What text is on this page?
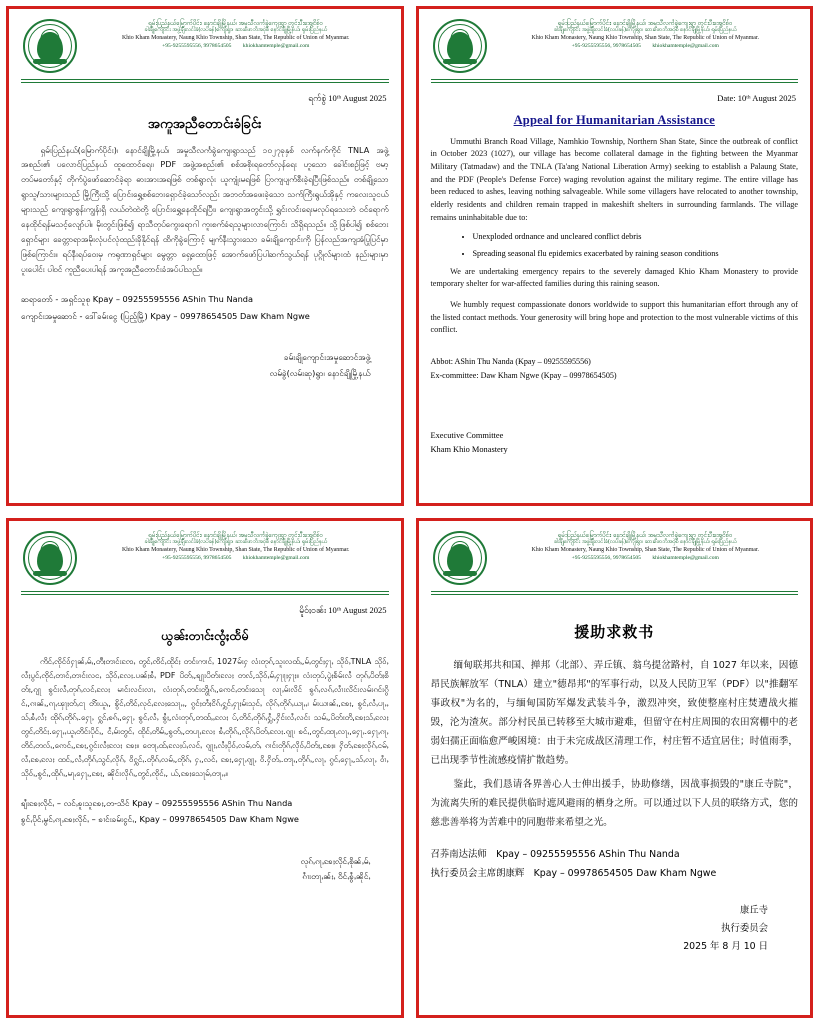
ရှမ်းပြည်နယ်မြောက်ပိုင်း၊ နောင်ချိုမြို့နယ်၊ အမှုသီလင်္ကခွဲကျေးရွာ တွင်းပီးအွေငိစ်ဝ
ခါးချိုကျောင်း အဖွဲ့ချီးလင်းခံ(လပ်ခန်)ကျေးရွာ၊ ဆားဖောဘိအဝှဲစ် နောင်ချိုမြို့နယ်၊ ရှမ်းပြည်နယ်
Khio Kham Monastery, Naung Khio Township, Shan State, The Republic of Union of Myanmar.
+95-9255595556, 9978654505 khiokhamtemple@gmail.com
ရက်စွဲ 10ᵗʰ August 2025
အကူအညီတောင်းခံခြင်း
ရှမ်းပြည်နယ်(မြောက်ပိုင်း)၊ နောင်ချိုမြို့နယ်၊ အမှုသီလင်္ကခွဲကျေးရွာသည် ၁၀၂၇ခုနှစ် လက်နက်ကိုင် TNLA အဖွဲ့အစည်း၏ ပလောင်ပြည်နယ် ထူထောင်ရေး၊ PDF အဖွဲ့အစည်း၏ စစ်အစိုးရတော်လှန်ရေး ဟူသော ခေါင်းစဉ်ဖြင့် ဗမာ့တပ်မတော်နှင့် တိုက်ပွဲဖော်ဆောင်ခဲ့ရာ ဓားအားအရဖြစ် တစ်ရွာလုံး ယူကျုံးမရဖြစ် ပြာကျပျက်စီးခဲ့ရပြီးဖြစ်သည်။ တစ်ချို့သောရွာသူ/သားများသည် မြို့ကြီးသို့ ပြောင်းရွှေ့စစ်ဘေးရှောင်ခဲ့သော်လည်း အဘတ်အဖေးခဲ့သော သက်ကြီးရွယ်အိုနှင့် ကလေးသူငယ်များသည် ကျေးရွာစွန်းကျွန်းရှိ လယ်တဲထဲတို့ ပြောင်းရွှေ့နေထိုင်ရပြီး၊ ကျေးရွာအတွင်းသို့ ရွှင်းလင်းရေးမလုပ်ရသေးဘဲ ဝင်ရောက်နေထိုင်ရန်မသင့်လျော်ပါ။ မိုးတွင်းဖြစ်၍ ရာသီတုပ်ကွေးရောဂါ ကူးစက်ခံရသူများလာကြောင်း သိရှိရသည်။ သို့ဖြစ်ပါ၍ စစ်ဘေးရှောင်များ ခေတ္တာရာအမိုးလုံပင်လုံထည်းခိုနိုင်ရန် ထိကိုခွဲကြောင့် မျက်နီးသွားသော ခမ်းချိုကျောင်းကို ပြန်လည်အကျအံပြုပြင်မှာ ဖြစ်ကြောင်း။ ရပ်နီးရပ်ဝေးမှ ကရုဏာရှင်များ မွေတ္တာ ရှေ့ထောဖြင့် အောက်ဖော်ပြပါဆက်သွယ်ရန် ပုဂ္ဂိုလ်များထံ နည်းများမှာ ပူးပေါင်း ပါဝင် ကူညီပေးပါရန် အကူအညီတောင်းခံအပ်ပါသည်။
ဆရာတော် - အရှင်သူစု Kpay – 09255595556 AShin Thu Nanda
ကျောင်းအမှုဆောင် - ဒေါ်ခမ်းငွေ (ပြည့်မြို့) Kpay – 09978654505 Daw Kham Ngwe
ခမ်းချိုကျောင်းအမှုဆောင်အဖွဲ့
လမ်ခွဲ(လမ်းဆု)ရွာ၊ နောင်ချိုမြို့နယ်
ရှမ်းပြည်နယ်မြောက်ပိုင်း၊ နောင်ချိုမြို့နယ်၊ အမှုသီလင်္ကခွဲကျေးရွာ တွင်းပီးအွေငိစ်ဝ
ခါးချိုကျောင်း အဖွဲ့ချီးလင်းခံ(လပ်ခန်)ကျေးရွာ၊ ဆားဖောဘိအဝှဲစ် နောင်ချိုမြို့နယ်၊ ရှမ်းပြည်နယ်
Khio Kham Monastery, Naung Khio Township, Shan State, The Republic of Union of Myanmar.
+95-9255595556, 9978654505 khiokhamtemple@gmail.com
Date: 10ᵗʰ August 2025
Appeal for Humanitarian Assistance
Ummuthi Branch Road Village, Namhkio Township, Northern Shan State, Since the outbreak of conflict in October 2023 (1027), our village has become collateral damage in the fighting between the Myanmar Military (Tatmadaw) and the TNLA (Ta'ang National Liberation Army) seeking to establish a Palaung State, and the PDF (People's Defense Force) waging revolution against the military regime. The entire village has been reduced to ashes, leaving nothing salvageable. While some villagers have relocated to another township, elderly residents and children remain trapped in makeshift shelters in surrounding farmlands. The village remains uninhabitable due to:
• Unexploded ordnance and uncleared conflict debris
• Spreading seasonal flu epidemics exacerbated by raining season conditions
We are undertaking emergency repairs to the severely damaged Khio Kham Monastery to provide temporary shelter for war-affected families during this raining season.
We humbly request compassionate donors worldwide to support this humanitarian effort through any of the listed contact methods. Your generosity will bring hope and protection to the most vulnerable victims of this conflict.
Abbot: AShin Thu Nanda (Kpay – 09255595556)
Ex-committee: Daw Kham Ngwe (Kpay – 09978654505)
Executive Committee
Kham Khio Monastery
ရှမ်းပြည်နယ်မြောက်ပိုင်း၊ နောင်ချိုမြို့နယ်၊ အမှုသီလင်္ကခွဲကျေးရွာ တွင်းပီးအွေငိစ်ဝ
ခါးချိုကျောင်း အဖွဲ့ချီးလင်းခံ(လပ်ခန်)ကျေးရွာ၊ ဆားဖောဘိအဝှဲစ် နောင်ချိုမြို့နယ်၊ ရှမ်းပြည်နယ်
Khio Kham Monastery, Naung Khio Township, Shan State, The Republic of Union of Myanmar.
+95-9255595556, 9978654505 khiokhamtemple@gmail.com
မိူဝ်ႈဝၼ်း 10ᵗʰ August 2025
ယွၼ်းတၢင်းၸွႆႈထႅမ်
ကိင်ႇၸိုင်ဝ်ႁႃၼ်ႇမ်ႇ,တီႈတၢင်းၸႄႇ တွင်ႇၸိင်ႇထိုင်ႈ တင်းကၢင်ႇ 1027မ်းႁ လံးတုၵ်,သူးလထ်ႇ,မ်ႇတွင်ႈႁႃႇ သိုဝ်ႇTNLA သိုဝ်ႇလႆႈပွင်ႇၸိုင်ႇတၢင်ႇတၢင်းလငႇ သိုဝ်ႇလႄႈ.ပၼ်ႈၶႆႇ PDF ပိတ်ႇ,ၶျႃးပိတ်းလႄႈ တလ်,သိုဝ်ႇမ်ႇႁႃ၊ႃႈႁႃႈ။ လံးတုပ်,ပွဲႈၶႅမ်းလႆ တုၵ်ႇပိတ်ႈစိတ်ႈ,ၵျႃ ၶွင်းလႆႇတုၵ်ႇလင်ႇလႄႈ မၢင်းလင်းလၢႇ လံးတုၵ်,တင်းတွိုၵ်ႇ,ၵောင်ႇတင်းသေႃ လႃႇမ်းလိင် ၶွၵ်ႇလၵ်ႇလၢႆးလိင်းလမ်းၵင်းၵွိင်ႇ,ၵၢၼ်ႇ,ၵႃႇၾႃႈတ်ႇငႃ တိံးယူႇ, ၶွိင်ႇတိင်ႇလုင်ႇလႄႈသေႃႇႇ, ၵွင်ႈတႆႈငိၵ်ႇႁွင်ႇႁႃႈမ်းသုင်ႇ လိုၵ်ႇတိုၵ်ႇယႃႇႇ၊ မ်းယၢၼ်ႇ,ၶႄႈ, ၶွင်ႇလႆႇပႃႇႇသ်ႇၶႆႇလႆႈ ထိုၵ်ႇတိုၵ်ႇ.ႁေႃႇ ႁွင်ႇၶၵ်ႇ,ႁေႃႇ ၶွင်ႇလႆႇ ၶွႆႈ,လံးတုၵ်,တထ်ႇႇလႄႈ ပ်,တိင်ႇတိုၵ်ႇႁွႆႇ,ႁိင်းလႆႇလင်း သမ်ႇ,ပိတ်းတိ,ၶႄႈသ်ႇလႄႈ တွင်ႇတိင်ႈ.ႁေႃႇႇယူႇတိင်းပိုင်ႇ, ငႆႇမ်းတွင်ႇ ထိုင်ႇတိမ်ႇ,ၶွတ်ႇ,တပႃႇလႄႈ ၶႆႇတိုၵ်ႇ,လိုၵ်ႇပိတ်ႇလႄႈ.ၵျႃ၊ ၶင်ႇ,တွင်ႇထႃႇလႃႇ,ႁေႃႇ.ႁေႃႇၵႃႇတိင်ႇတလ်ႇ,ၵောင်ႇ,ၶႄႈ,ၵွင်းလႆႈလႄႈ ၶႄႈ။ တေႃႇထ်ႇလႄႈပ်ႇလင်ႇ ၵျႃႈႇလႆႈပိုဝ်ႇလမ်ႇတ်ႇ ၵၢင်းတိုၵ်ႇလိုဝ်ႇပိတ်ႈ,ၶႄႈ။ ႁိတ်ႇၶႄႈလိုၵ်ႇငမ်ႇလႆႇၶႄႇလႄႈ ထင်ႇ,လႆႇတိုၵ်ႇသွင်ႇလိုၵ်ႇ ဝိႁွင်ႇ.တိုၵ်ႇလမ်ႇ,တိုၵ်ႇ ႁႇ,လင်ႇ ၶႄႈ,ႁေႃႇၵျႃႇ ဝိ.ႁိတ်ႇ.တႃႇ,တိုၵ်ႇ,လႃႇ ၵွင်ႇႁေႃႇ,သ်ႇလႃႇ ဝၢႆႇသိုဝ်ႇ,ၶွင်ႇ,ထိုၵ်ႇ,မႃႇႁေႃႇ,ၶႄႈ, ၼိုင်းလိုၵ်ႇ,တွင်ႇၸိုင်ႇ, ယ်,ၶႄႈသေႃမ်ႇတႃႇႇ။
ၶျႆးၶႄႈလိုင်ႇ – လင်ႇၶူးသူၶႄႈ,တ-သိင် Kpay – 09255595556 AShin Thu Nanda
ၶွင်ႇပိုင်ႇမွင်ႇၵႃႇၶႄႈလိုင်ႇ – ၶၢင်းခမ်းငွင်ႇ, Kpay – 09978654505 Daw Kham Ngwe
လုၵ်ႇၵႃႇၶႄႈလိုင်ႇစိုၼ်ႇမ်ႇ
ၵၢႆးတႃႇၼ်ႈႇ ဝိင်ႇၶွႆႇၼိုင်ႇ
ရှမ်းပြည်နယ်မြောက်ပိုင်း၊ နောင်ချိုမြို့နယ်၊ အမှုသီလင်္ကခွဲကျေးရွာ တွင်းပီးအွေငိစ်ဝ
ခါးချိုကျောင်း အဖွဲ့ချီးလင်းခံ(လပ်ခန်)ကျေးရွာ၊ ဆားဖောဘိအဝှဲစ် နောင်ချိုမြို့နယ်၊ ရှမ်းပြည်နယ်
Khio Kham Monastery, Naung Khio Township, Shan State, The Republic of Union of Myanmar.
+95-9255595556, 9978654505 khiokhamtemple@gmail.com
援助求救书
缅甸联邦共和国、掸邦（北部）、弄丘镇、翁乌提岔路村，自 1027 年以来，因德昂民族解放军（TNLA）建立"德昂邦"的军事行动，以及人民防卫军（PDF）以"推翻军事政权"为名的，与缅甸国防军爆发武装斗争，激烈冲突，致使整座村庄焚遭战火摧毁，沦为渣灰。部分村民虽已转移至大城市避难，但留守在村庄周围的农田窝棚中的老弱妇孺正面临愈严峻困境：由于未完成战区清理工作，村庄暂不适宜居住；时值雨季，已出现季节性流感疫情扩散趋势。
鉴此，我们恳请各界善心人士伸出援手，协助修缮，因战事损毁的"康丘寺院"，为流离失所的难民提供临时遮风避雨的栖身之所。可以通过以下人员的联络方式，您的慈悲善举将为苦难中的同胞带来希望之光。
召荞南达法师　Kpay – 09255595556 AShin Thu Nanda
执行委员会主席朗康辉　Kpay – 09978654505 Daw Kham Ngwe
康丘寺
执行委员会
2025 年 8 月 10 日
